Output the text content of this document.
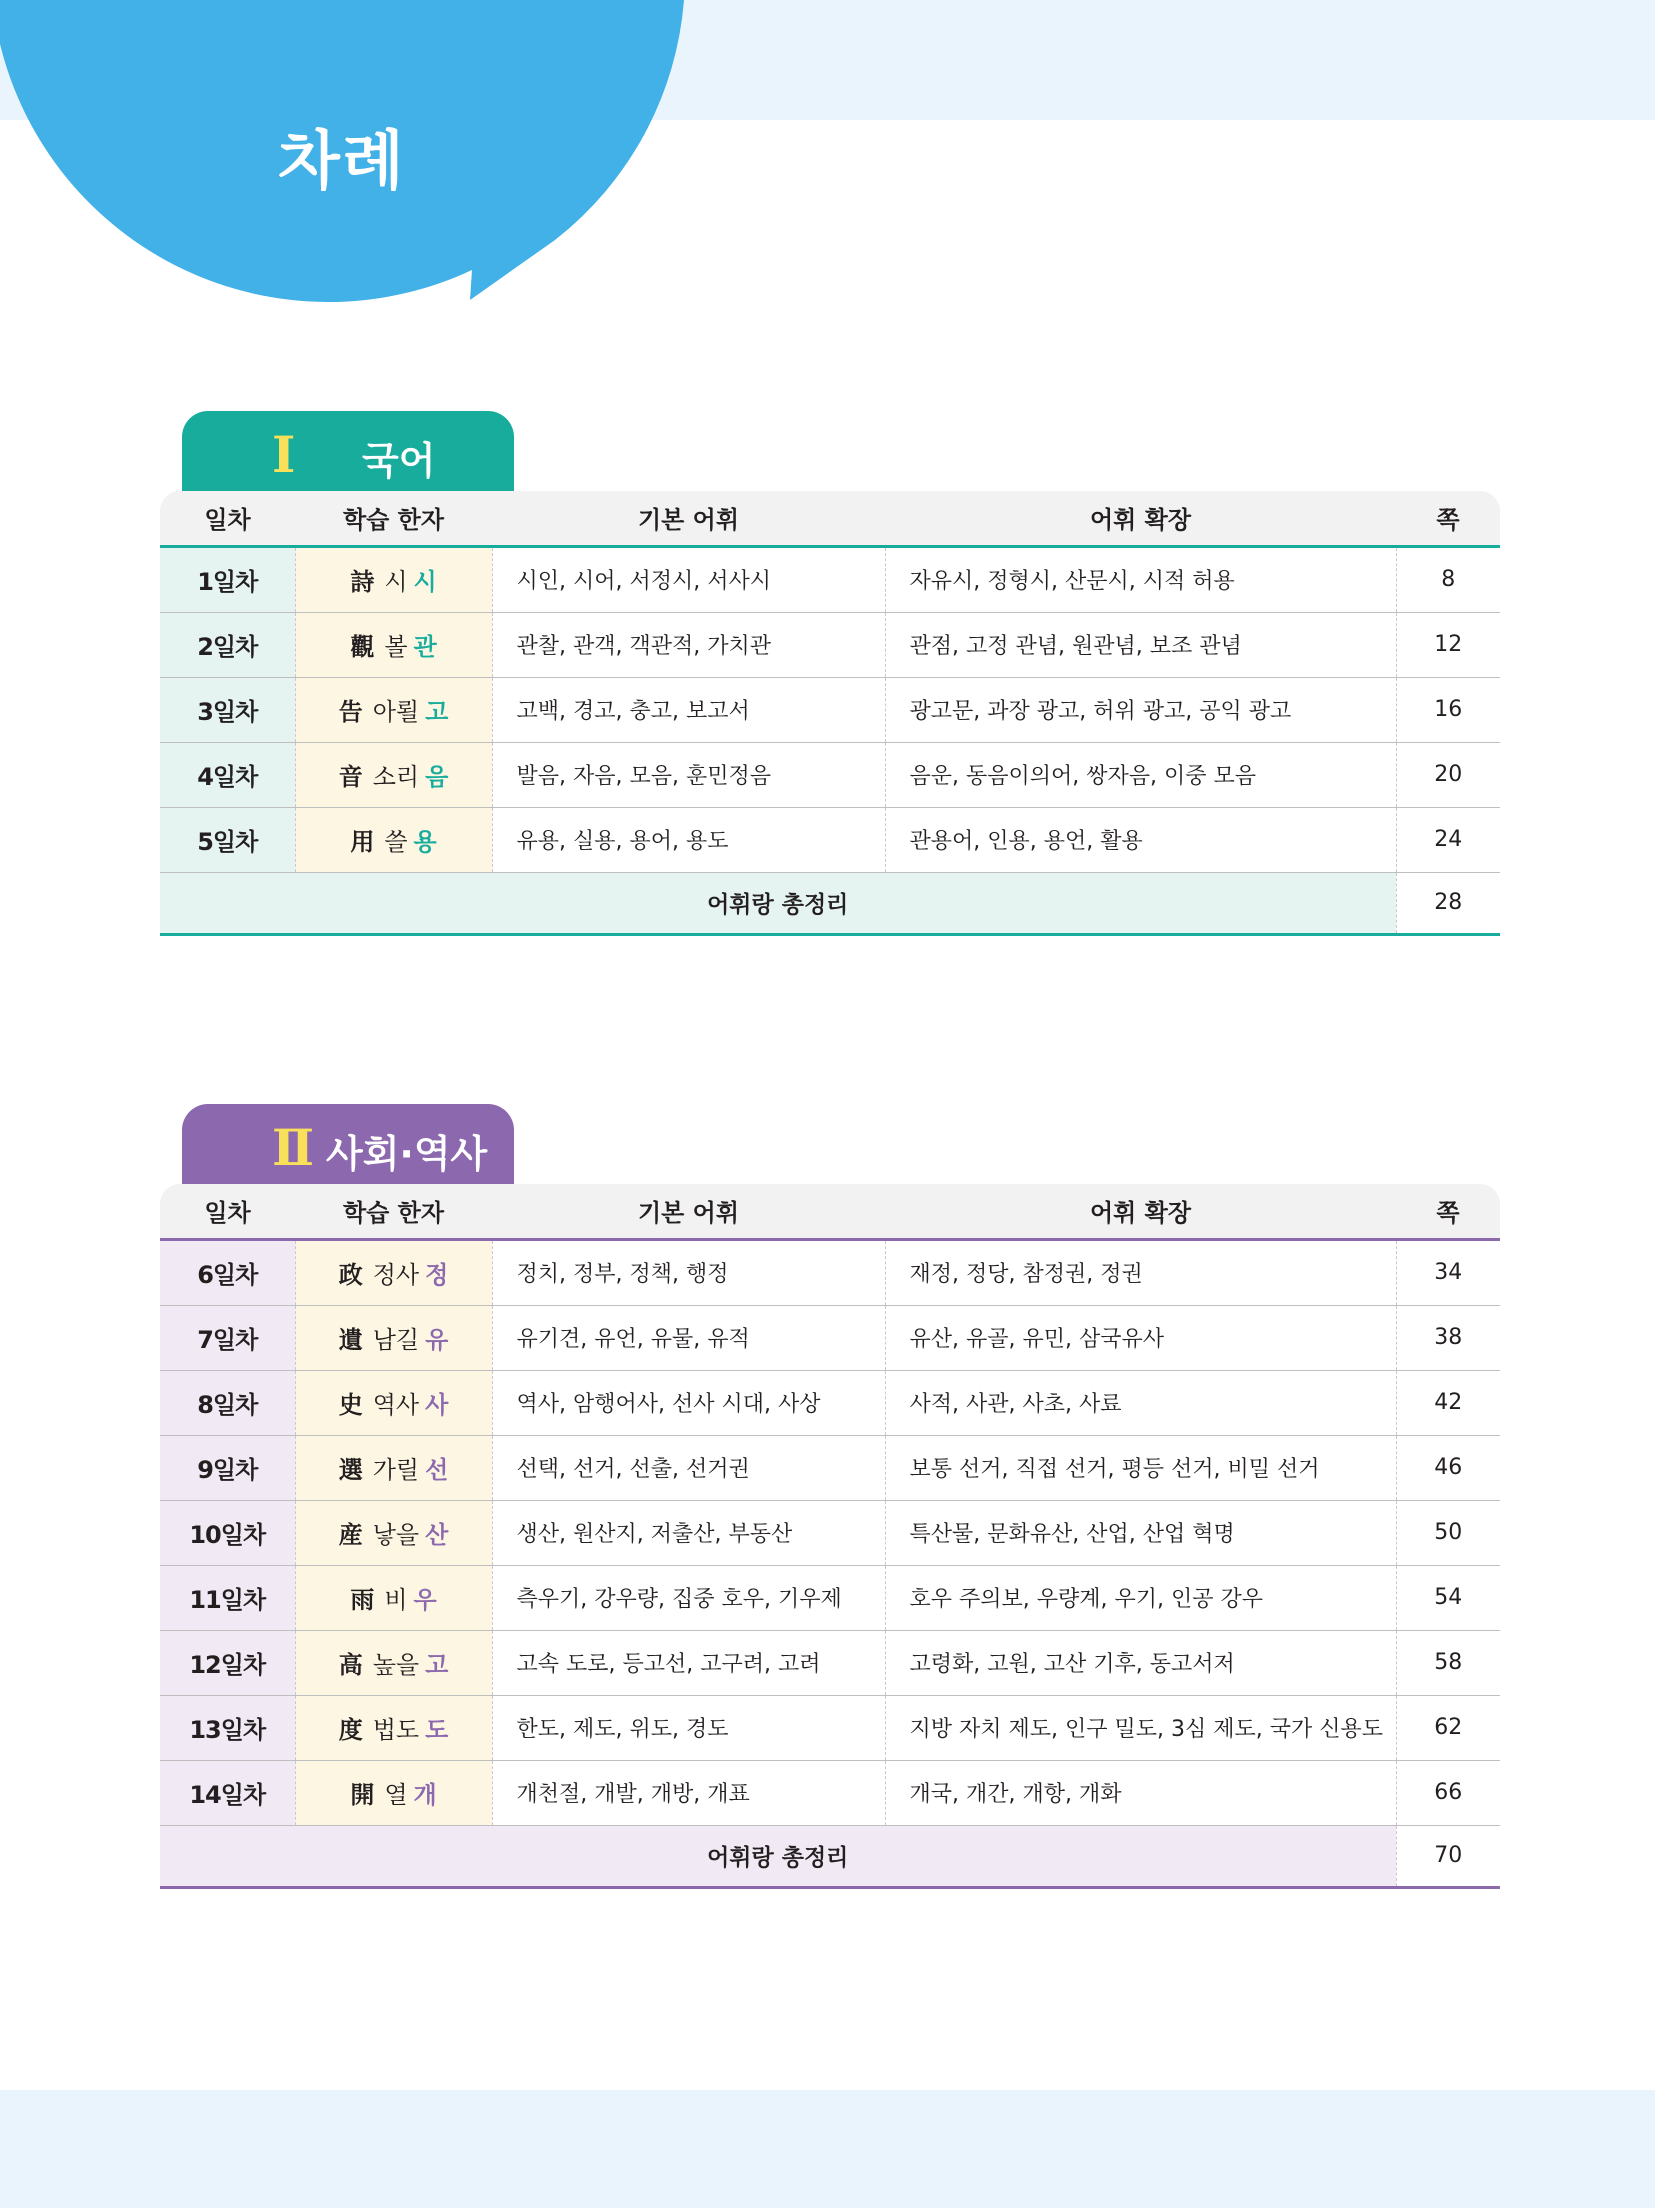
차례
Ⅰ 국어
일차	학습 한자	기본 어휘	어휘 확장	쪽
1일차	詩 시 시	시인, 시어, 서정시, 서사시	자유시, 정형시, 산문시, 시적 허용	8
2일차	觀 볼 관	관찰, 관객, 객관적, 가치관	관점, 고정 관념, 원관념, 보조 관념	12
3일차	告 아뢸 고	고백, 경고, 충고, 보고서	광고문, 과장 광고, 허위 광고, 공익 광고	16
4일차	音 소리 음	발음, 자음, 모음, 훈민정음	음운, 동음이의어, 쌍자음, 이중 모음	20
5일차	用 쓸 용	유용, 실용, 용어, 용도	관용어, 인용, 용언, 활용	24
어휘랑 총정리				28
Ⅱ 사회·역사
일차	학습 한자	기본 어휘	어휘 확장	쪽
6일차	政 정사 정	정치, 정부, 정책, 행정	재정, 정당, 참정권, 정권	34
7일차	遺 남길 유	유기견, 유언, 유물, 유적	유산, 유골, 유민, 삼국유사	38
8일차	史 역사 사	역사, 암행어사, 선사 시대, 사상	사적, 사관, 사초, 사료	42
9일차	選 가릴 선	선택, 선거, 선출, 선거권	보통 선거, 직접 선거, 평등 선거, 비밀 선거	46
10일차	産 낳을 산	생산, 원산지, 저출산, 부동산	특산물, 문화유산, 산업, 산업 혁명	50
11일차	雨 비 우	측우기, 강우량, 집중 호우, 기우제	호우 주의보, 우량계, 우기, 인공 강우	54
12일차	高 높을 고	고속 도로, 등고선, 고구려, 고려	고령화, 고원, 고산 기후, 동고서저	58
13일차	度 법도 도	한도, 제도, 위도, 경도	지방 자치 제도, 인구 밀도, 3심 제도, 국가 신용도	62
14일차	開 열 개	개천절, 개발, 개방, 개표	개국, 개간, 개항, 개화	66
어휘랑 총정리				70
